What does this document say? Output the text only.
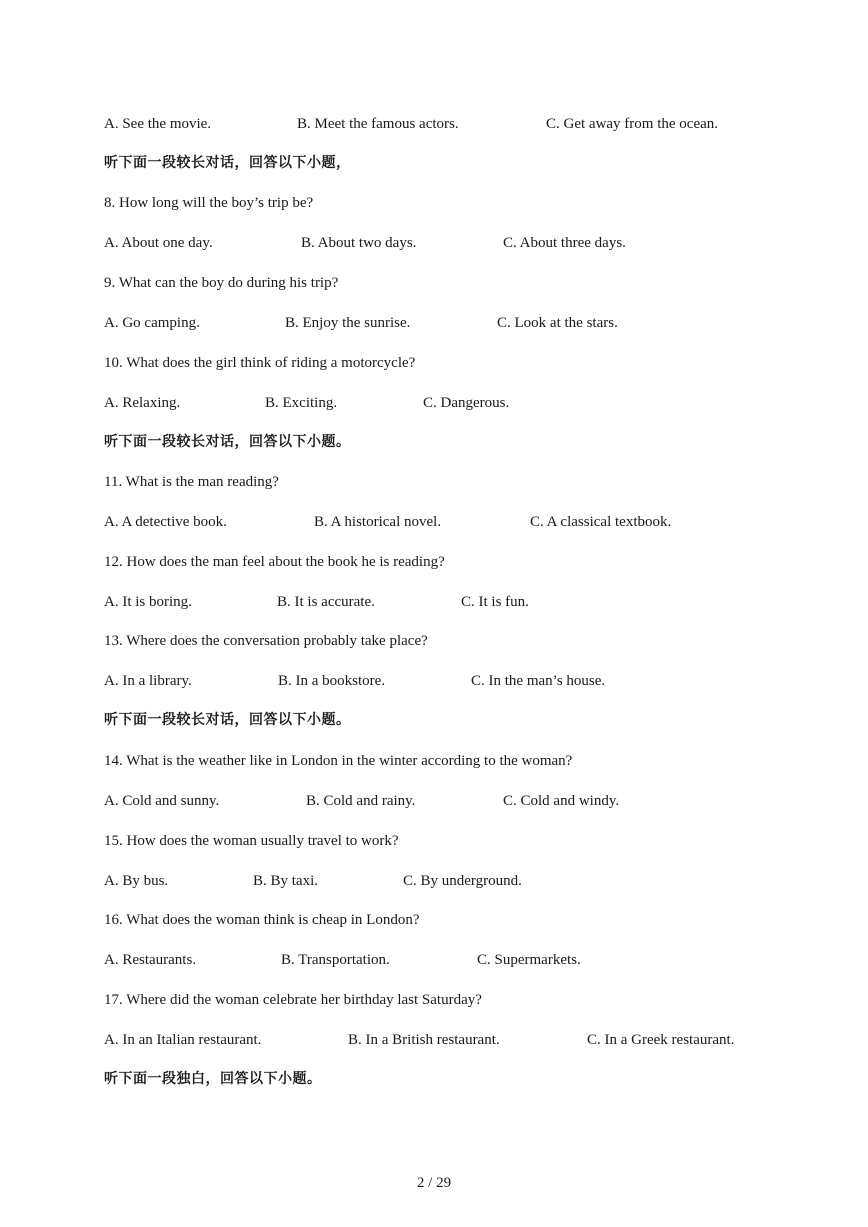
A. See the movie.	B. Meet the famous actors.	C. Get away from the ocean.
听下面一段较长对话，回答以下小题，
8. How long will the boy’s trip be?
A. About one day.	B. About two days.	C. About three days.
9. What can the boy do during his trip?
A. Go camping.	B. Enjoy the sunrise.	C. Look at the stars.
10. What does the girl think of riding a motorcycle?
A. Relaxing.	B. Exciting.	C. Dangerous.
听下面一段较长对话，回答以下小题。
11. What is the man reading?
A. A detective book.	B. A historical novel.	C. A classical textbook.
12. How does the man feel about the book he is reading?
A. It is boring.	B. It is accurate.	C. It is fun.
13. Where does the conversation probably take place?
A. In a library.	B. In a bookstore.	C. In the man’s house.
听下面一段较长对话，回答以下小题。
14. What is the weather like in London in the winter according to the woman?
A. Cold and sunny.	B. Cold and rainy.	C. Cold and windy.
15. How does the woman usually travel to work?
A. By bus.	B. By taxi.	C. By underground.
16. What does the woman think is cheap in London?
A. Restaurants.	B. Transportation.	C. Supermarkets.
17. Where did the woman celebrate her birthday last Saturday?
A. In an Italian restaurant.	B. In a British restaurant.	C. In a Greek restaurant.
听下面一段独白，回答以下小题。
2 / 29
